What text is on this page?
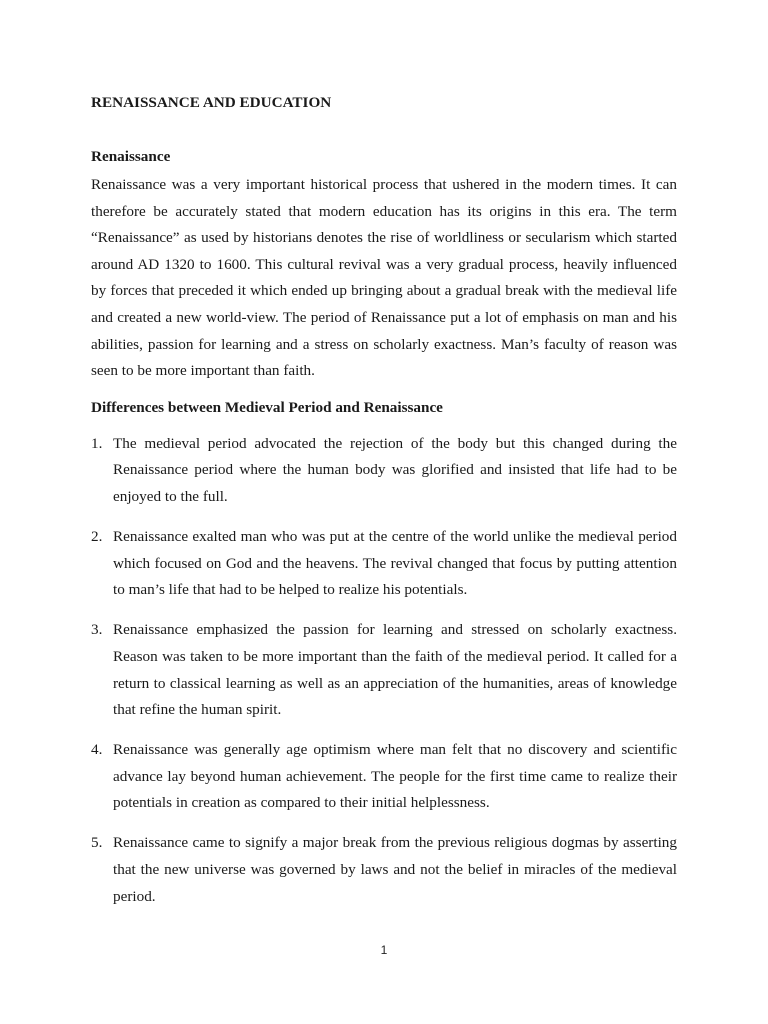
RENAISSANCE AND EDUCATION
Renaissance

Renaissance was a very important historical process that ushered in the modern times. It can therefore be accurately stated that modern education has its origins in this era. The term “Renaissance” as used by historians denotes the rise of worldliness or secularism which started around AD 1320 to 1600. This cultural revival was a very gradual process, heavily influenced by forces that preceded it which ended up bringing about a gradual break with the medieval life and created a new world-view. The period of Renaissance put a lot of emphasis on man and his abilities, passion for learning and a stress on scholarly exactness. Man’s faculty of reason was seen to be more important than faith.

Differences between Medieval Period and Renaissance
1. The medieval period advocated the rejection of the body but this changed during the Renaissance period where the human body was glorified and insisted that life had to be enjoyed to the full.
2. Renaissance exalted man who was put at the centre of the world unlike the medieval period which focused on God and the heavens. The revival changed that focus by putting attention to man’s life that had to be helped to realize his potentials.
3. Renaissance emphasized the passion for learning and stressed on scholarly exactness. Reason was taken to be more important than the faith of the medieval period. It called for a return to classical learning as well as an appreciation of the humanities, areas of knowledge that refine the human spirit.
4. Renaissance was generally age optimism where man felt that no discovery and scientific advance lay beyond human achievement. The people for the first time came to realize their potentials in creation as compared to their initial helplessness.
5. Renaissance came to signify a major break from the previous religious dogmas by asserting that the new universe was governed by laws and not the belief in miracles of the medieval period.
1
